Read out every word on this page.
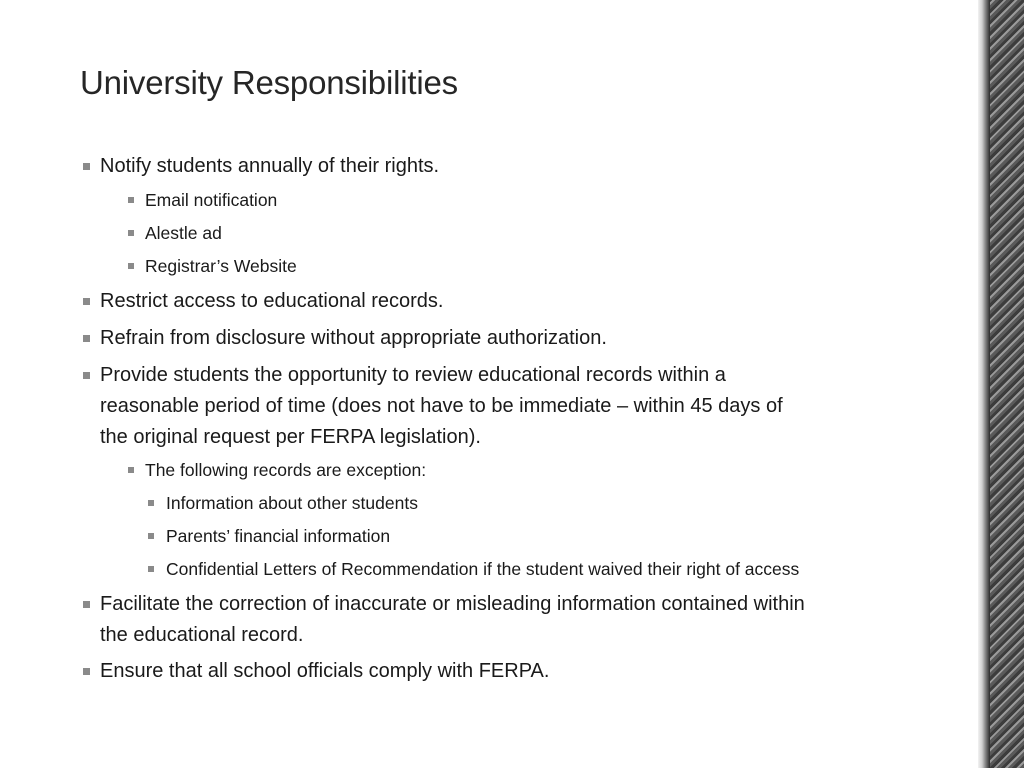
University Responsibilities
Notify students annually of their rights.
Email notification
Alestle ad
Registrar’s Website
Restrict access to educational records.
Refrain from disclosure without appropriate authorization.
Provide students the opportunity to review educational records within a
reasonable period of time (does not have to be immediate – within 45 days of
the original request per FERPA legislation).
The following records are exception:
Information about other students
Parents’ financial information
Confidential Letters of Recommendation if the student waived their right of access
Facilitate the correction of inaccurate or misleading information contained within
the educational record.
Ensure that all school officials comply with FERPA.
